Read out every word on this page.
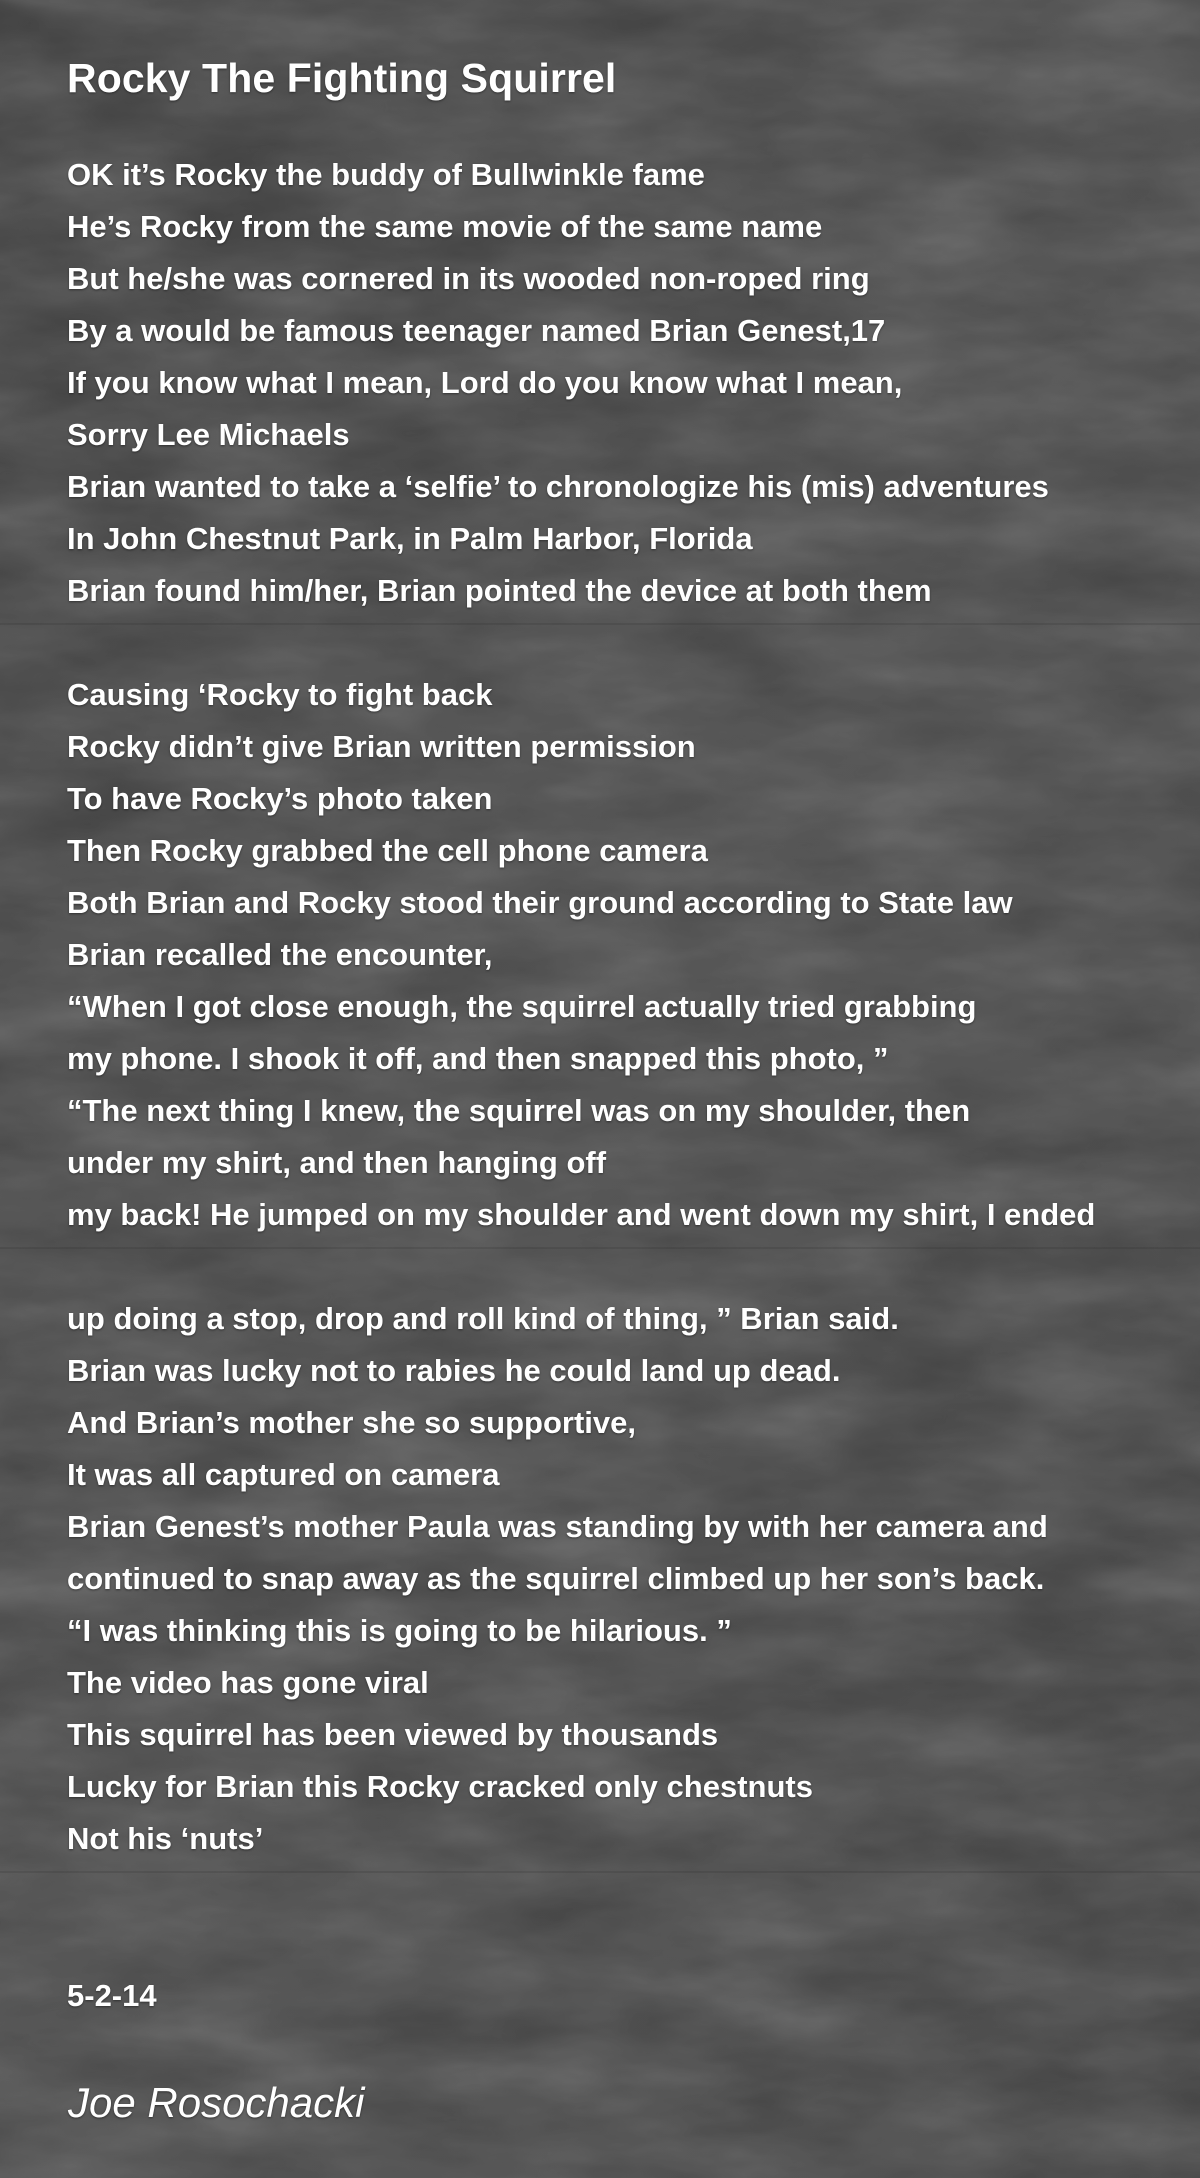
Rocky The Fighting Squirrel
OK it’s Rocky the buddy of Bullwinkle fame
He’s Rocky from the same movie of the same name
But he/she was cornered in its wooded non-roped ring
By a would be famous teenager named Brian Genest,17
If you know what I mean, Lord do you know what I mean,
Sorry Lee Michaels
Brian wanted to take a ‘selfie’ to chronologize his (mis) adventures
In John Chestnut Park, in Palm Harbor, Florida
Brian found him/her, Brian pointed the device at both them
Causing ‘Rocky to fight back
Rocky didn’t give Brian written permission
To have Rocky’s photo taken
Then Rocky grabbed the cell phone camera
Both Brian and Rocky stood their ground according to State law
Brian recalled the encounter,
“When I got close enough, the squirrel actually tried grabbing
my phone. I shook it off, and then snapped this photo, ”
“The next thing I knew, the squirrel was on my shoulder, then
under my shirt, and then hanging off
my back! He jumped on my shoulder and went down my shirt, I ended
up doing a stop, drop and roll kind of thing, ” Brian said.
Brian was lucky not to rabies he could land up dead.
And Brian’s mother she so supportive,
It was all captured on camera
Brian Genest’s mother Paula was standing by with her camera and
continued to snap away as the squirrel climbed up her son’s back.
“I was thinking this is going to be hilarious. ”
The video has gone viral
This squirrel has been viewed by thousands
Lucky for Brian this Rocky cracked only chestnuts
Not his ‘nuts’
5-2-14
Joe Rosochacki
